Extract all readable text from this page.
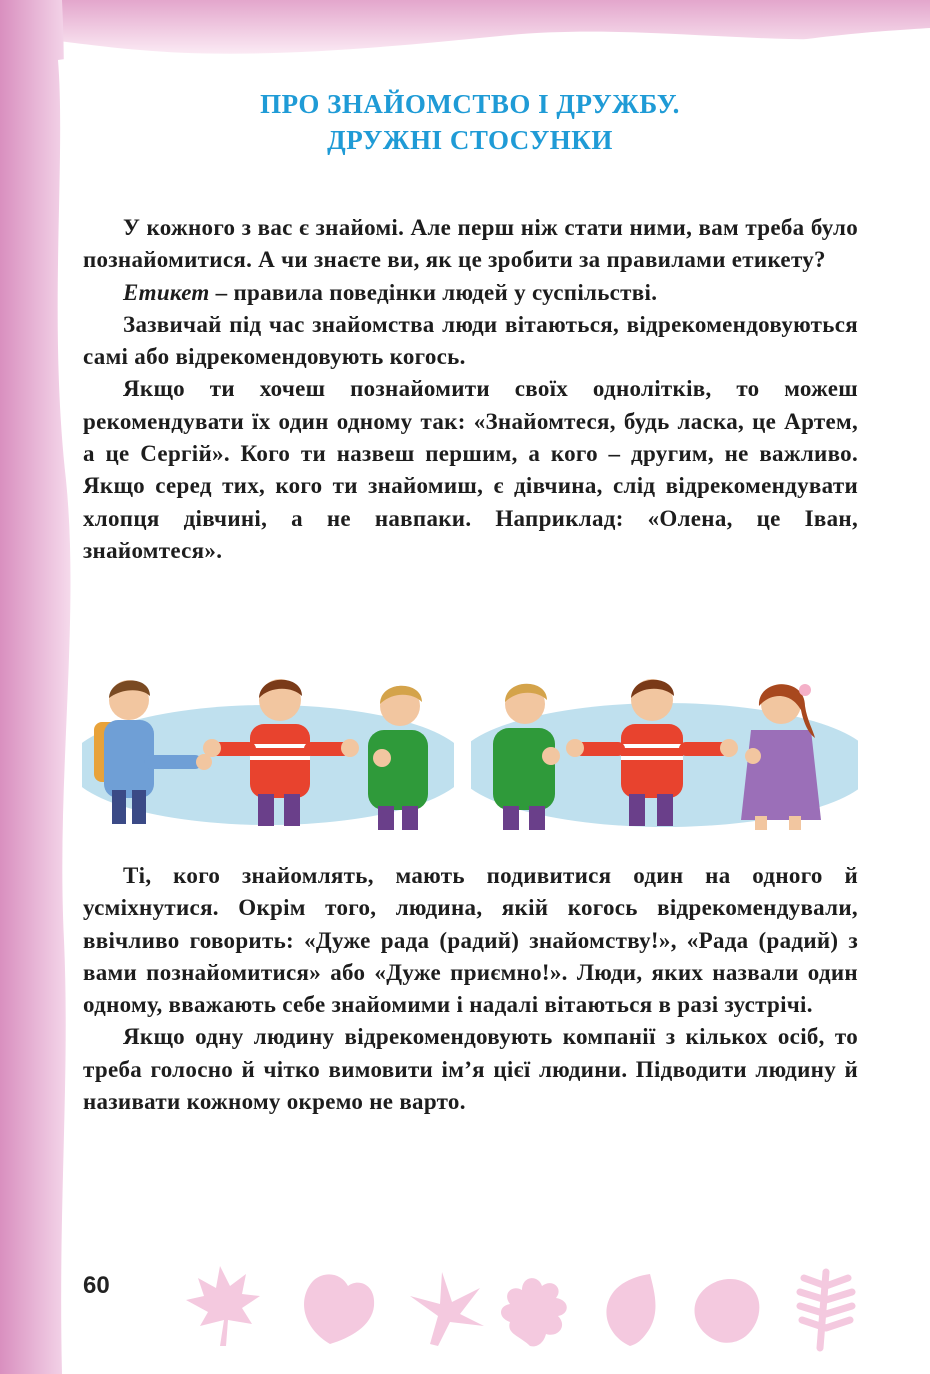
ПРО ЗНАЙОМСТВО І ДРУЖБУ.
ДРУЖНІ СТОСУНКИ

У кожного з вас є знайомі. Але перш ніж стати ними, вам треба було познайомитися. А чи знаєте ви, як це зробити за правилами етикету?

Етикет – правила поведінки людей у суспільстві.

Зазвичай під час знайомства люди вітаються, відрекомендовуються самі або відрекомендовують когось.

Якщо ти хочеш познайомити своїх однолітків, то можеш рекомендувати їх один одному так: «Знайомтеся, будь ласка, це Артем, а це Сергій». Кого ти назвеш першим, а кого – другим, не важливо. Якщо серед тих, кого ти знайомиш, є дівчина, слід відрекомендувати хлопця дівчині, а не навпаки. Наприклад: «Олена, це Іван, знайомтеся».

Ті, кого знайомлять, мають подивитися один на одного й усміхнутися. Окрім того, людина, якій когось відрекомендували, ввічливо говорить: «Дуже рада (радий) знайомству!», «Рада (радий) з вами познайомитися» або «Дуже приємно!». Люди, яких назвали один одному, вважають себе знайомими і надалі вітаються в разі зустрічі.

Якщо одну людину відрекомендовують компанії з кількох осіб, то треба голосно й чітко вимовити ім’я цієї людини. Підводити людину й називати кожному окремо не варто.

60
